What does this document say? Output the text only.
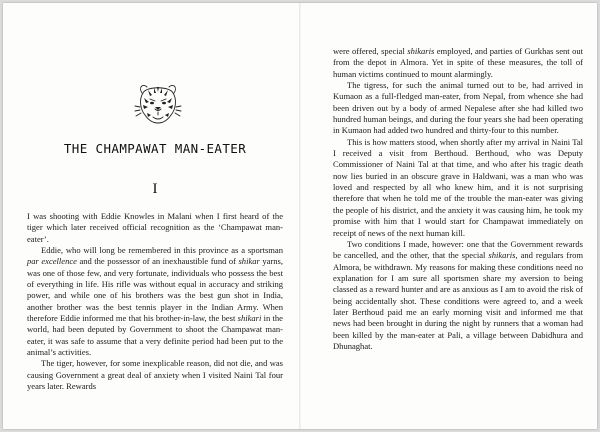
THE CHAMPAWAT MAN-EATER
I

I was shooting with Eddie Knowles in Malani when I first heard of the tiger which later received official recognition as the ‘Champawat man-eater’.

Eddie, who will long be remembered in this province as a sportsman par excellence and the possessor of an inexhaustible fund of shikar yarns, was one of those few, and very fortunate, individuals who possess the best of everything in life. His rifle was without equal in accuracy and striking power, and while one of his brothers was the best gun shot in India, another brother was the best tennis player in the Indian Army. When therefore Eddie informed me that his brother-in-law, the best shikari in the world, had been deputed by Government to shoot the Champawat man-eater, it was safe to assume that a very definite period had been put to the animal’s activities.

The tiger, however, for some inexplicable reason, did not die, and was causing Government a great deal of anxiety when I visited Naini Tal four years later. Rewards

were offered, special shikaris employed, and parties of Gurkhas sent out from the depot in Almora. Yet in spite of these measures, the toll of human victims continued to mount alarmingly.

The tigress, for such the animal turned out to be, had arrived in Kumaon as a full-fledged man-eater, from Nepal, from whence she had been driven out by a body of armed Nepalese after she had killed two hundred human beings, and during the four years she had been operating in Kumaon had added two hundred and thirty-four to this number.

This is how matters stood, when shortly after my arrival in Naini Tal I received a visit from Berthoud. Berthoud, who was Deputy Commissioner of Naini Tal at that time, and who after his tragic death now lies buried in an obscure grave in Haldwani, was a man who was loved and respected by all who knew him, and it is not surprising therefore that when he told me of the trouble the man-eater was giving the people of his district, and the anxiety it was causing him, he took my promise with him that I would start for Champawat immediately on receipt of news of the next human kill.

Two conditions I made, however: one that the Government rewards be cancelled, and the other, that the special shikaris, and regulars from Almora, be withdrawn. My reasons for making these conditions need no explanation for I am sure all sportsmen share my aversion to being classed as a reward hunter and are as anxious as I am to avoid the risk of being accidentally shot. These conditions were agreed to, and a week later Berthoud paid me an early morning visit and informed me that news had been brought in during the night by runners that a woman had been killed by the man-eater at Pali, a village between Dabidhura and Dhunaghat.
